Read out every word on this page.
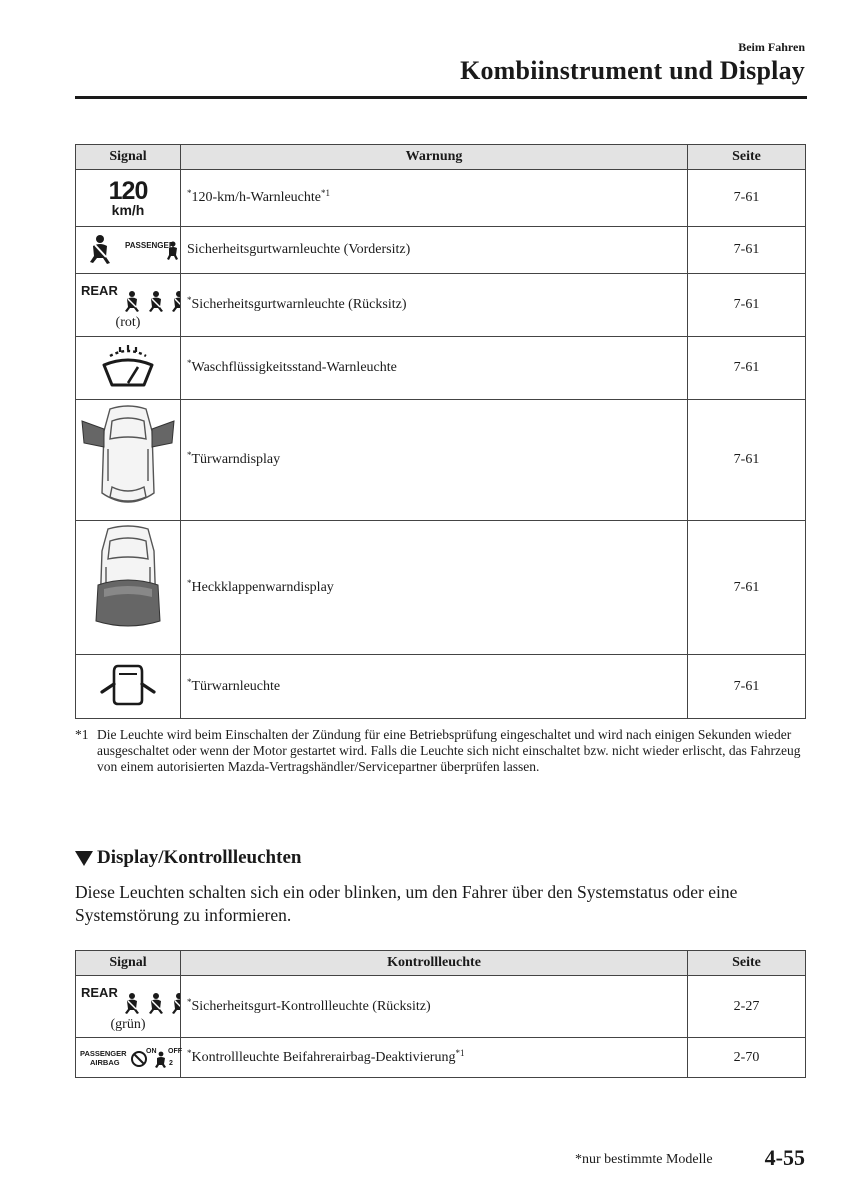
Beim Fahren
Kombiinstrument und Display
Signal	Warnung	Seite

120
km/h	*120-km/h-Warnleuchte$^{*1}$	7-61

PASSENGER	Sicherheitsgurtwarnleuchte (Vordersitz)	7-61

REAR
(rot)	*Sicherheitsgurtwarnleuchte (Rücksitz)	7-61
	*Waschflüssigkeitsstand-Warnleuchte	7-61
	*Türwarndisplay	7-61
	*Heckklappenwarndisplay	7-61
	*Türwarnleuchte	7-61
*1 Die Leuchte wird beim Einschalten der Zündung für eine Betriebsprüfung eingeschaltet und wird nach einigen Sekunden wieder ausgeschaltet oder wenn der Motor gestartet wird. Falls die Leuchte sich nicht einschaltet bzw. nicht wieder erlischt, das Fahrzeug von einem autorisierten Mazda-Vertragshändler/Servicepartner überprüfen lassen.
Display/Kontrollleuchten
Diese Leuchten schalten sich ein oder blinken, um den Fahrer über den Systemstatus oder eine Systemstörung zu informieren.
Signal	Kontrollleuchte	Seite

REAR
(grün)	*Sicherheitsgurt-Kontrollleuchte (Rücksitz)	2-27

PASSENGER
AIRBAG
ON OFF
2	*Kontrollleuchte Beifahrerairbag-Deaktivierung$^{*1}$	2-70
*nur bestimmte Modelle 4-55
